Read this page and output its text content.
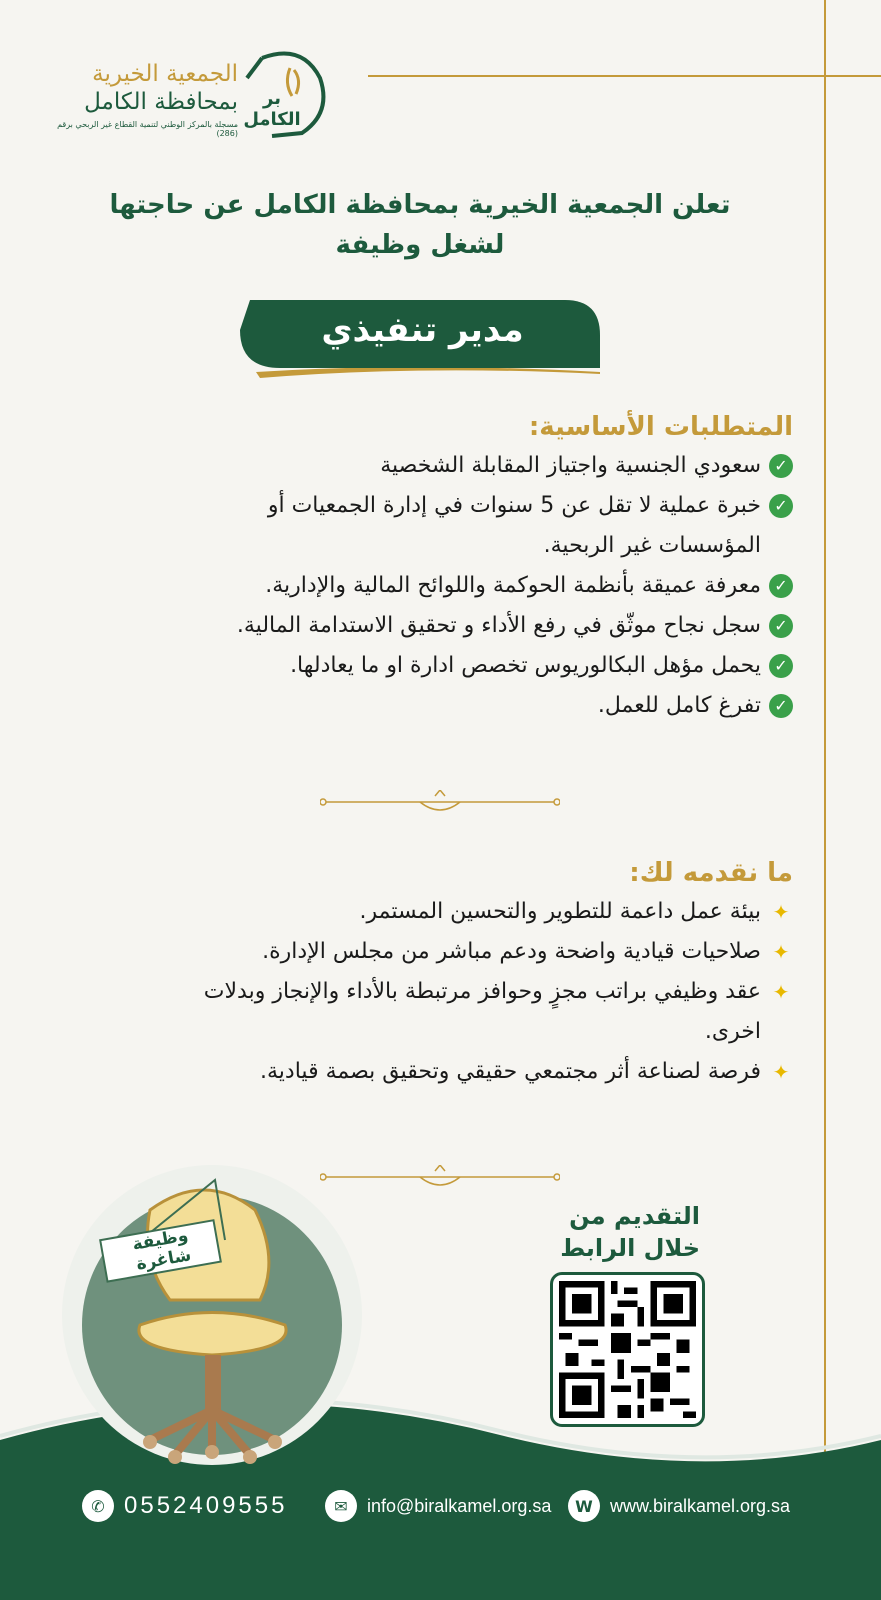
الجمعية الخيرية
بمحافظة الكامل
مسجلة بالمركز الوطني لتنمية القطاع غير الربحي برقم (286)
بر الكامل
تعلن الجمعية الخيرية بمحافظة الكامل عن حاجتها
لشغل وظيفة
مدير تنفيذي
المتطلبات الأساسية:
✓
سعودي الجنسية واجتياز المقابلة الشخصية
✓
خبرة عملية لا تقل عن 5 سنوات في إدارة الجمعيات أو المؤسسات غير الربحية.
✓
معرفة عميقة بأنظمة الحوكمة واللوائح المالية والإدارية.
✓
سجل نجاح موثّق في رفع الأداء و تحقيق الاستدامة المالية.
✓
يحمل مؤهل البكالوريوس تخصص ادارة او ما يعادلها.
✓
تفرغ كامل للعمل.
ما نقدمه لك:
✦
بيئة عمل داعمة للتطوير والتحسين المستمر.
✦
صلاحيات قيادية واضحة ودعم مباشر من مجلس الإدارة.
✦
عقد وظيفي براتب مجزٍ وحوافز مرتبطة بالأداء والإنجاز وبدلات اخرى.
✦
فرصة لصناعة أثر مجتمعي حقيقي وتحقيق بصمة قيادية.
وظيفة شاغرة
التقديم من
خلال الرابط
✆ 0552409555	✉	info@biralkamel.org.sa	W www.biralkamel.org.sa
